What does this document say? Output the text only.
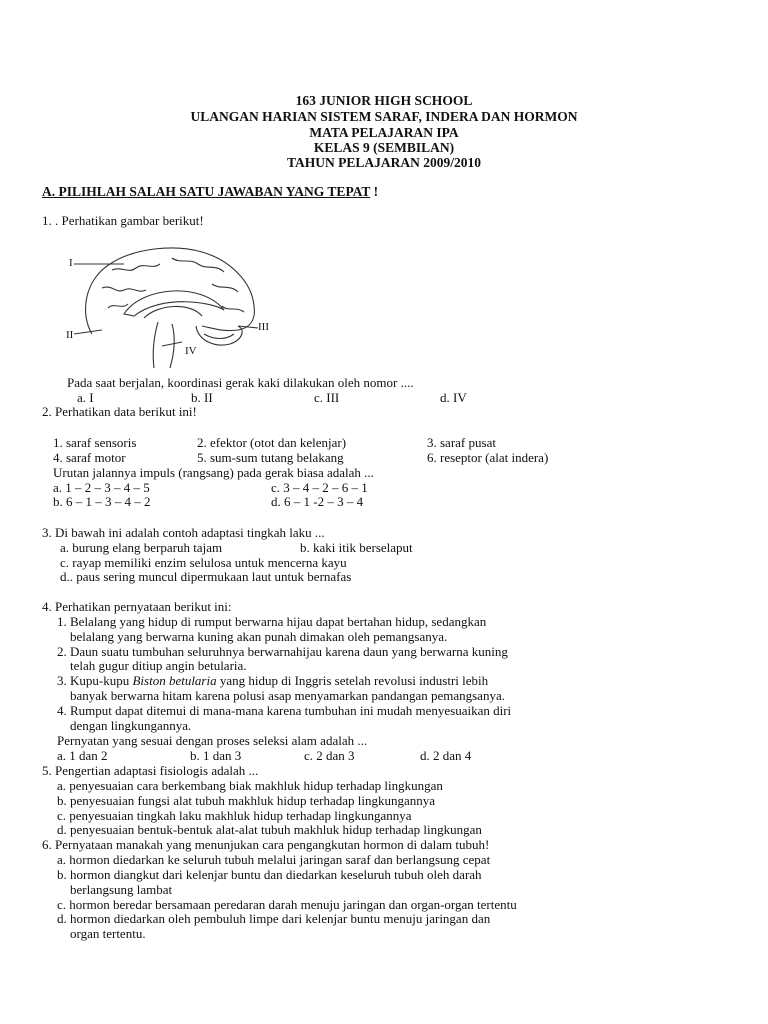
163 JUNIOR HIGH SCHOOL
ULANGAN HARIAN SISTEM SARAF, INDERA DAN HORMON
MATA PELAJARAN IPA
KELAS 9 (SEMBILAN)
TAHUN PELAJARAN 2009/2010
A. PILIHLAH SALAH SATU JAWABAN YANG TEPAT !
1. . Perhatikan gambar berikut!
I
II
III
IV
Pada saat berjalan, koordinasi gerak kaki dilakukan oleh nomor ....
a. I	b. II	c. III	d. IV
2. Perhatikan data berikut ini!
1. saraf sensoris	2. efektor (otot dan kelenjar)	3. saraf pusat
4. saraf motor	5. sum-sum tutang belakang	6. reseptor (alat indera)
Urutan jalannya impuls (rangsang) pada gerak biasa adalah ...
a. 1 – 2 – 3 – 4 – 5	c. 3 – 4 – 2 – 6 – 1
b. 6 – 1 – 3 – 4 – 2	d. 6 – 1 -2 – 3 – 4
3. Di bawah ini adalah contoh adaptasi tingkah laku ...
a. burung elang berparuh tajam	b. kaki itik berselaput
c. rayap memiliki enzim selulosa untuk mencerna kayu
d.. paus sering muncul dipermukaan laut untuk bernafas
4. Perhatikan pernyataan berikut ini:
1. Belalang yang hidup di rumput berwarna hijau dapat bertahan hidup, sedangkan
belalang yang berwarna kuning akan punah dimakan oleh pemangsanya.
2. Daun suatu tumbuhan seluruhnya berwarnahijau karena daun yang berwarna kuning
telah gugur ditiup angin betularia.
3. Kupu-kupu Biston betularia yang hidup di Inggris setelah revolusi industri lebih
banyak berwarna hitam karena polusi asap menyamarkan pandangan pemangsanya.
4. Rumput dapat ditemui di mana-mana karena tumbuhan ini mudah menyesuaikan diri
dengan lingkungannya.
Pernyatan yang sesuai dengan proses seleksi alam adalah ...
a. 1 dan 2	b. 1 dan 3	c. 2 dan 3	d. 2 dan 4
5. Pengertian adaptasi fisiologis adalah ...
a. penyesuaian cara berkembang biak makhluk hidup terhadap lingkungan
b. penyesuaian fungsi alat tubuh makhluk hidup terhadap lingkungannya
c. penyesuaian tingkah laku makhluk hidup terhadap lingkungannya
d. penyesuaian bentuk-bentuk alat-alat tubuh makhluk hidup terhadap lingkungan
6. Pernyataan manakah yang menunjukan cara pengangkutan hormon di dalam tubuh!
a. hormon diedarkan ke seluruh tubuh melalui jaringan saraf dan berlangsung cepat
b. hormon diangkut dari kelenjar buntu dan diedarkan keseluruh tubuh oleh darah
berlangsung lambat
c. hormon beredar bersamaan peredaran darah menuju jaringan dan organ-organ tertentu
d. hormon diedarkan oleh pembuluh limpe dari kelenjar buntu menuju jaringan dan
organ tertentu.
